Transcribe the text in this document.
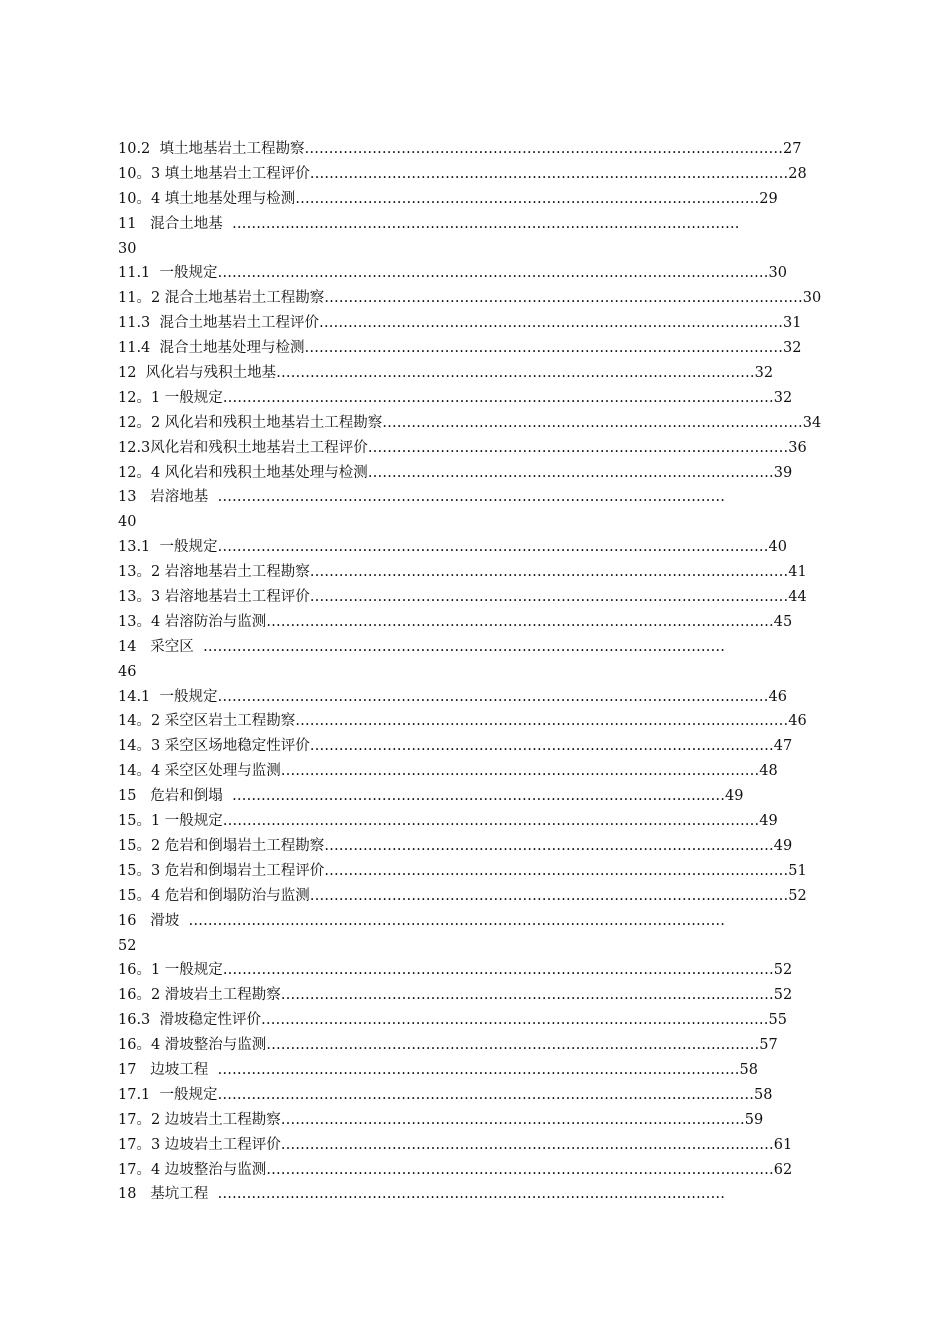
10.2 填土地基岩土工程勘察………………………………………………………………………………………27
10。3 填土地基岩土工程评价………………………………………………………………………………………28
10。4 填土地基处理与检测……………………………………………………………………………………29
11 混合土地基  ……………………………………………………………………………………………
30
11.1 一般规定……………………………………………………………………………………………………30
11。2 混合土地基岩土工程勘察………………………………………………………………………………………30
11.3 混合土地基岩土工程评价……………………………………………………………………………………31
11.4 混合土地基处理与检测………………………………………………………………………………………32
12 风化岩与残积土地基………………………………………………………………………………………32
12。1 一般规定……………………………………………………………………………………………………32
12。2 风化岩和残积土地基岩土工程勘察……………………………………………………………………………34
12.3风化岩和残积土地基岩土工程评价……………………………………………………………………………36
12。4 风化岩和残积土地基处理与检测…………………………………………………………………………39
13 岩溶地基  ……………………………………………………………………………………………
40
13.1 一般规定……………………………………………………………………………………………………40
13。2 岩溶地基岩土工程勘察………………………………………………………………………………………41
13。3 岩溶地基岩土工程评价………………………………………………………………………………………44
13。4 岩溶防治与监测……………………………………………………………………………………………45
14 采空区  ………………………………………………………………………………………………
46
14.1 一般规定……………………………………………………………………………………………………46
14。2 采空区岩土工程勘察…………………………………………………………………………………………46
14。3 采空区场地稳定性评价……………………………………………………………………………………47
14。4 采空区处理与监测………………………………………………………………………………………48
15 危岩和倒塌  …………………………………………………………………………………………49
15。1 一般规定…………………………………………………………………………………………………49
15。2 危岩和倒塌岩土工程勘察…………………………………………………………………………………49
15。3 危岩和倒塌岩土工程评价……………………………………………………………………………………51
15。4 危岩和倒塌防治与监测………………………………………………………………………………………52
16 滑坡  …………………………………………………………………………………………………
52
16。1 一般规定……………………………………………………………………………………………………52
16。2 滑坡岩土工程勘察…………………………………………………………………………………………52
16.3 滑坡稳定性评价……………………………………………………………………………………………55
16。4 滑坡整治与监测…………………………………………………………………………………………57
17 边坡工程  ………………………………………………………………………………………………58
17.1 一般规定…………………………………………………………………………………………………58
17。2 边坡岩土工程勘察……………………………………………………………………………………59
17。3 边坡岩土工程评价…………………………………………………………………………………………61
17。4 边坡整治与监测……………………………………………………………………………………………62
18 基坑工程  ……………………………………………………………………………………………
